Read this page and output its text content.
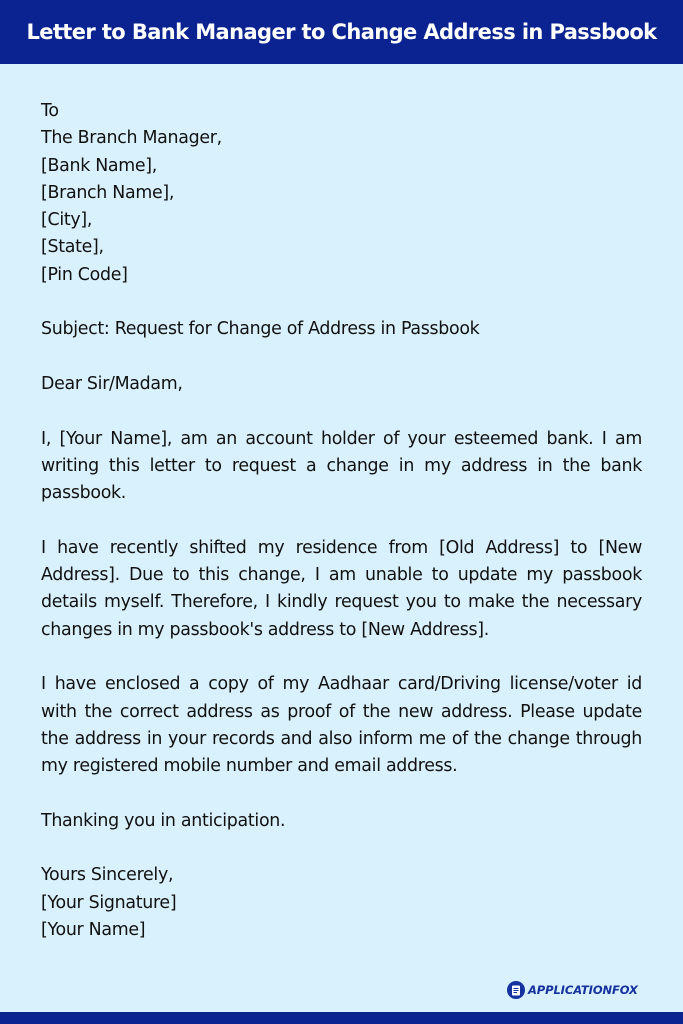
Letter to Bank Manager to Change Address in Passbook

To
The Branch Manager,
[Bank Name],
[Branch Name],
[City],
[State],
[Pin Code]

Subject: Request for Change of Address in Passbook

Dear Sir/Madam,

I, [Your Name], am an account holder of your esteemed bank. I am writing this letter to request a change in my address in the bank passbook.

I have recently shifted my residence from [Old Address] to [New Address]. Due to this change, I am unable to update my passbook details myself. Therefore, I kindly request you to make the necessary changes in my passbook's address to [New Address].

I have enclosed a copy of my Aadhaar card/Driving license/voter id with the correct address as proof of the new address. Please update the address in your records and also inform me of the change through my registered mobile number and email address.

Thanking you in anticipation.

Yours Sincerely,
[Your Signature]
[Your Name]

APPLICATIONFOX
